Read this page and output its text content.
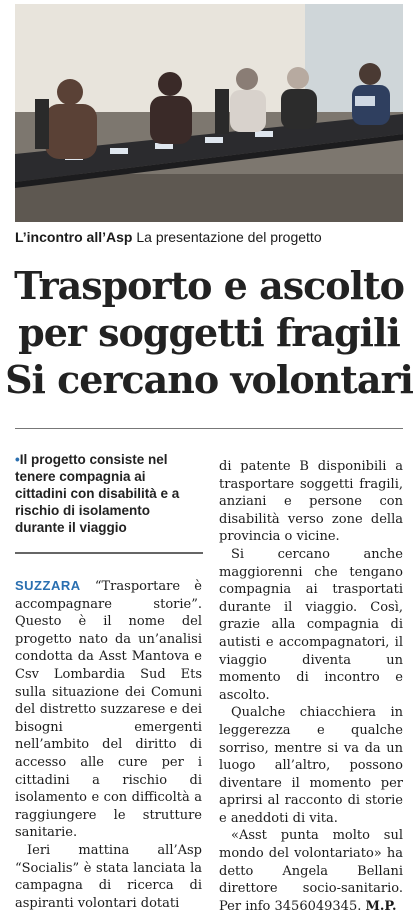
L’incontro all’Asp La presentazione del progetto
Trasporto e ascolto
per soggetti fragili
Si cercano volontari
•Il progetto consiste nel tenere compagnia ai cittadini con disabilità e a rischio di isolamento durante il viaggio

SUZZARA “Trasportare è accompagnare storie”. Questo è il nome del progetto nato da un’analisi condotta da Asst Mantova e Csv Lombardia Sud Ets sulla situazione dei Comuni del distretto suzzarese e dei bisogni emergenti nell’ambito del diritto di accesso alle cure per i cittadini a rischio di isolamento e con difficoltà a raggiungere le strutture sanitarie.

Ieri mattina all’Asp “Socialis” è stata lanciata la campagna di ricerca di aspiranti volontari dotati

di patente B disponibili a trasportare soggetti fragili, anziani e persone con disabilità verso zone della provincia o vicine.

Si cercano anche maggiorenni che tengano compagnia ai trasportati durante il viaggio. Così, grazie alla compagnia di autisti e accompagnatori, il viaggio diventa un momento di incontro e ascolto.

Qualche chiacchiera in leggerezza e qualche sorriso, mentre si va da un luogo all’altro, possono diventare il momento per aprirsi al racconto di storie e aneddoti di vita.

«Asst punta molto sul mondo del volontariato» ha detto Angela Bellani direttore socio-sanitario. Per info 3456049345. M.P.
